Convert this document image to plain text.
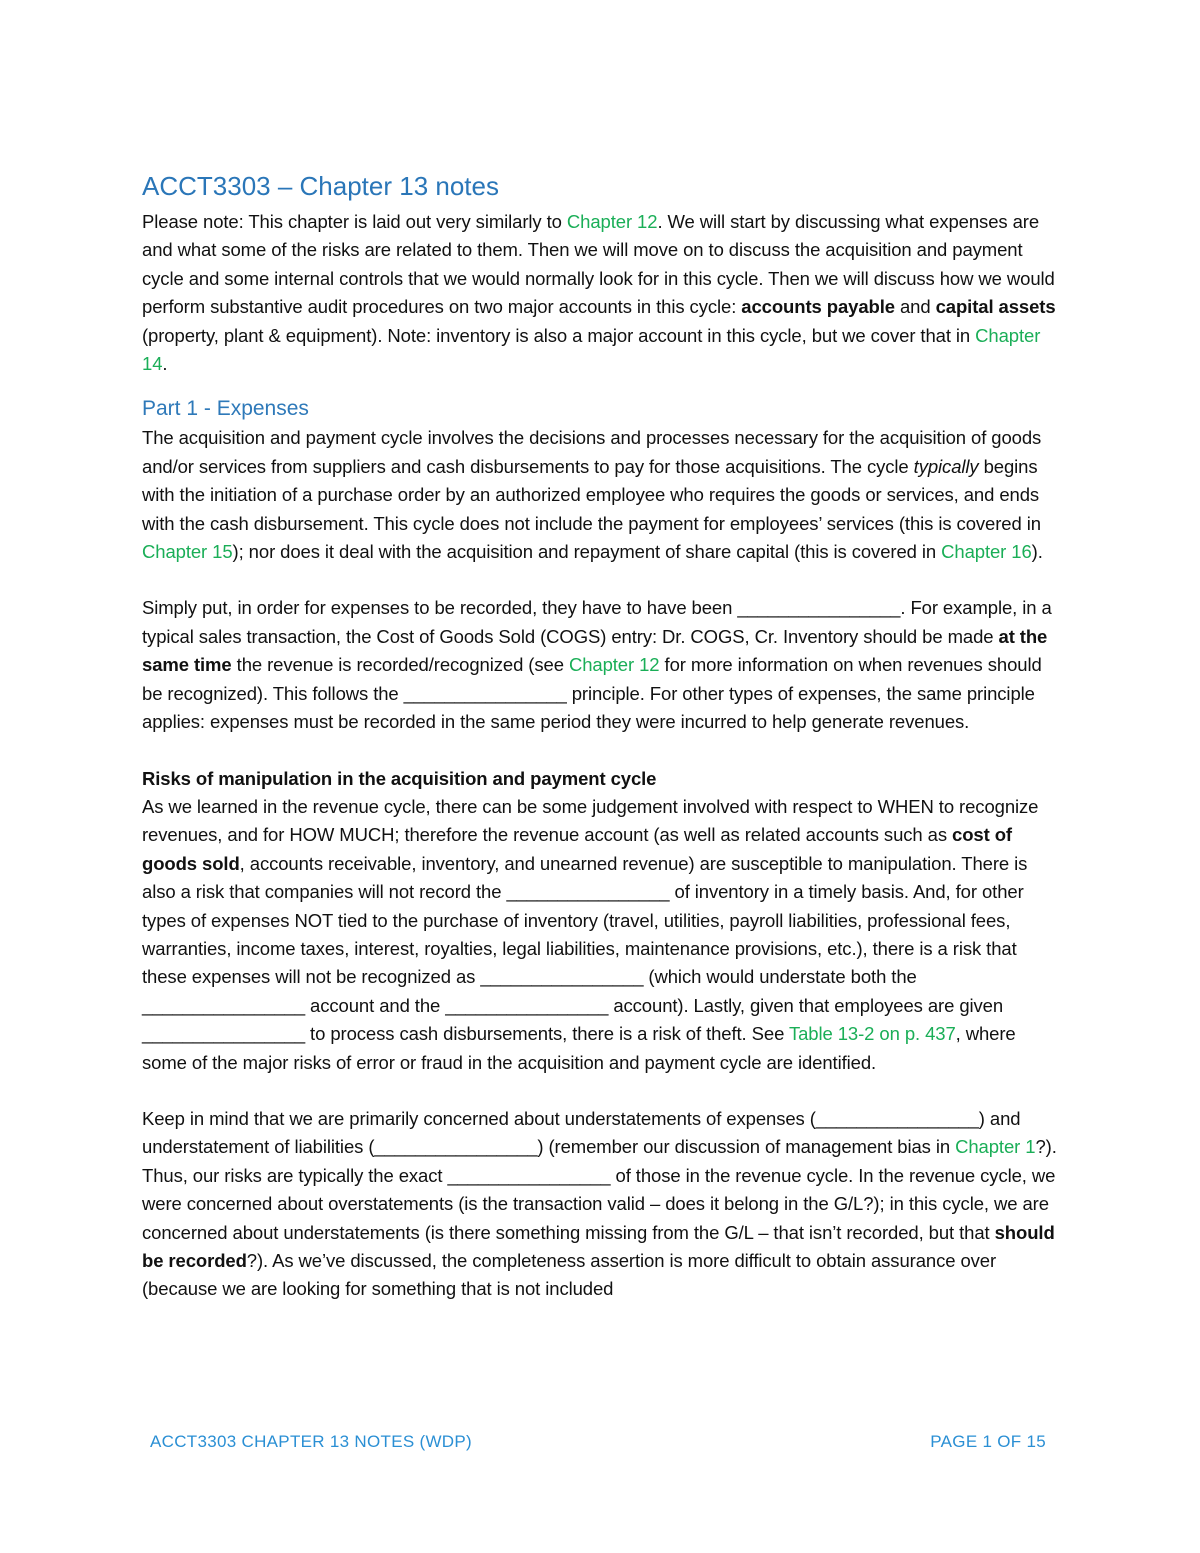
ACCT3303 – Chapter 13 notes

Please note: This chapter is laid out very similarly to Chapter 12. We will start by discussing what expenses are and what some of the risks are related to them. Then we will move on to discuss the acquisition and payment cycle and some internal controls that we would normally look for in this cycle. Then we will discuss how we would perform substantive audit procedures on two major accounts in this cycle: accounts payable and capital assets (property, plant & equipment). Note: inventory is also a major account in this cycle, but we cover that in Chapter 14.

Part 1 - Expenses

The acquisition and payment cycle involves the decisions and processes necessary for the acquisition of goods and/or services from suppliers and cash disbursements to pay for those acquisitions. The cycle typically begins with the initiation of a purchase order by an authorized employee who requires the goods or services, and ends with the cash disbursement. This cycle does not include the payment for employees’ services (this is covered in Chapter 15); nor does it deal with the acquisition and repayment of share capital (this is covered in Chapter 16).

Simply put, in order for expenses to be recorded, they have to have been ________________. For example, in a typical sales transaction, the Cost of Goods Sold (COGS) entry: Dr. COGS, Cr. Inventory should be made at the same time the revenue is recorded/recognized (see Chapter 12 for more information on when revenues should be recognized). This follows the ________________ principle. For other types of expenses, the same principle applies: expenses must be recorded in the same period they were incurred to help generate revenues.

Risks of manipulation in the acquisition and payment cycle

As we learned in the revenue cycle, there can be some judgement involved with respect to WHEN to recognize revenues, and for HOW MUCH; therefore the revenue account (as well as related accounts such as cost of goods sold, accounts receivable, inventory, and unearned revenue) are susceptible to manipulation. There is also a risk that companies will not record the ________________ of inventory in a timely basis. And, for other types of expenses NOT tied to the purchase of inventory (travel, utilities, payroll liabilities, professional fees, warranties, income taxes, interest, royalties, legal liabilities, maintenance provisions, etc.), there is a risk that these expenses will not be recognized as ________________ (which would understate both the ________________ account and the ________________ account). Lastly, given that employees are given ________________ to process cash disbursements, there is a risk of theft. See Table 13-2 on p. 437, where some of the major risks of error or fraud in the acquisition and payment cycle are identified.

Keep in mind that we are primarily concerned about understatements of expenses (________________) and understatement of liabilities (________________) (remember our discussion of management bias in Chapter 1?). Thus, our risks are typically the exact ________________ of those in the revenue cycle. In the revenue cycle, we were concerned about overstatements (is the transaction valid – does it belong in the G/L?); in this cycle, we are concerned about understatements (is there something missing from the G/L – that isn’t recorded, but that should be recorded?). As we’ve discussed, the completeness assertion is more difficult to obtain assurance over (because we are looking for something that is not included

ACCT3303 CHAPTER 13 NOTES (WDP)	PAGE 1 OF 15
